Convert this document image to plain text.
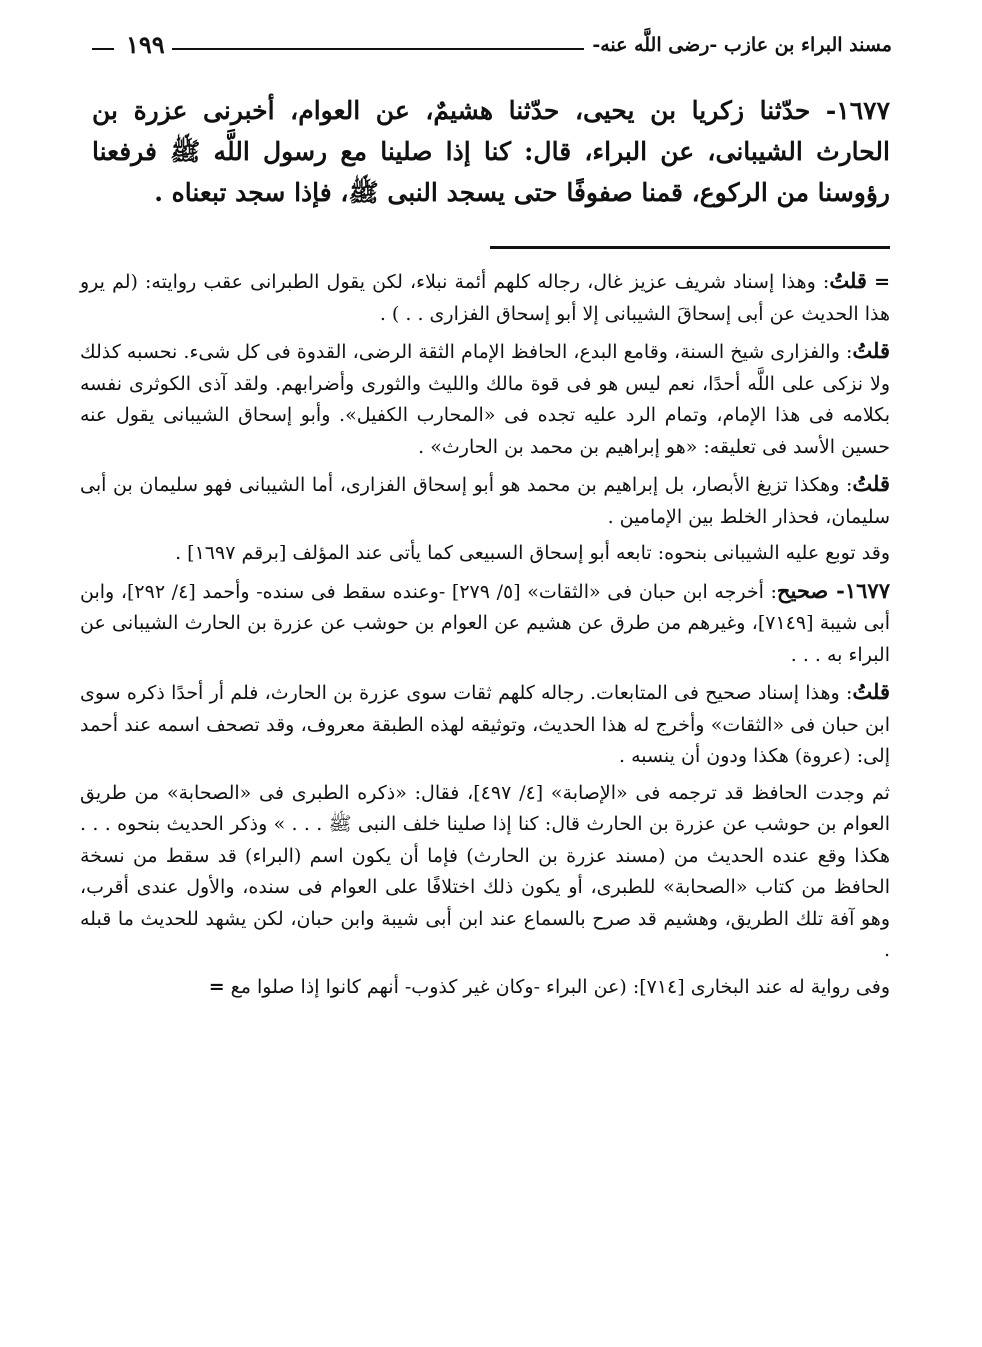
١٩٩	مسند البراء بن عازب -رضى اللَّه عنه-
١٦٧٧- حدّثنا زكريا بن يحيى، حدّثنا هشيمٌ، عن العوام، أخبرنى عزرة بن الحارث الشيبانى، عن البراء، قال: كنا إذا صلينا مع رسول اللَّه ﷺ فرفعنا رؤوسنا من الركوع، قمنا صفوفًا حتى يسجد النبى ﷺ، فإذا سجد تبعناه .

= قلتُ: وهذا إسناد شريف عزيز غال، رجاله كلهم أئمة نبلاء، لكن يقول الطبرانى عقب روايته: (لم يرو هذا الحديث عن أبى إسحاقَ الشيبانى إلا أبو إسحاق الفزارى . . ) .

قلتُ: والفزارى شيخ السنة، وقامع البدع، الحافظ الإمام الثقة الرضى، القدوة فى كل شىء. نحسبه كذلك ولا نزكى على اللَّه أحدًا، نعم ليس هو فى قوة مالك والليث والثورى وأضرابهم. ولقد آذى الكوثرى نفسه بكلامه فى هذا الإمام، وتمام الرد عليه تجده فى «المحارب الكفيل». وأبو إسحاق الشيبانى يقول عنه حسين الأسد فى تعليقه: «هو إبراهيم بن محمد بن الحارث» .

قلتُ: وهكذا تزيغ الأبصار، بل إبراهيم بن محمد هو أبو إسحاق الفزارى، أما الشيبانى فهو سليمان بن أبى سليمان، فحذار الخلط بين الإمامين .

وقد توبع عليه الشيبانى بنحوه: تابعه أبو إسحاق السبيعى كما يأتى عند المؤلف [برقم ١٦٩٧] .

١٦٧٧- صحيح: أخرجه ابن حبان فى «الثقات» [٥/ ٢٧٩] -وعنده سقط فى سنده- وأحمد [٤/ ٢٩٢]، وابن أبى شيبة [٧١٤٩]، وغيرهم من طرق عن هشيم عن العوام بن حوشب عن عزرة بن الحارث الشيبانى عن البراء به . . .

قلتُ: وهذا إسناد صحيح فى المتابعات. رجاله كلهم ثقات سوى عزرة بن الحارث، فلم أر أحدًا ذكره سوى ابن حبان فى «الثقات» وأخرج له هذا الحديث، وتوثيقه لهذه الطبقة معروف، وقد تصحف اسمه عند أحمد إلى: (عروة) هكذا ودون أن ينسبه .

ثم وجدت الحافظ قد ترجمه فى «الإصابة» [٤/ ٤٩٧]، فقال: «ذكره الطبرى فى «الصحابة» من طريق العوام بن حوشب عن عزرة بن الحارث قال: كنا إذا صلينا خلف النبى ﷺ . . . » وذكر الحديث بنحوه . . . هكذا وقع عنده الحديث من (مسند عزرة بن الحارث) فإما أن يكون اسم (البراء) قد سقط من نسخة الحافظ من كتاب «الصحابة» للطبرى، أو يكون ذلك اختلافًا على العوام فى سنده، والأول عندى أقرب، وهو آفة تلك الطريق، وهشيم قد صرح بالسماع عند ابن أبى شيبة وابن حبان، لكن يشهد للحديث ما قبله .

وفى رواية له عند البخارى [٧١٤]: (عن البراء -وكان غير كذوب- أنهم كانوا إذا صلوا مع =
